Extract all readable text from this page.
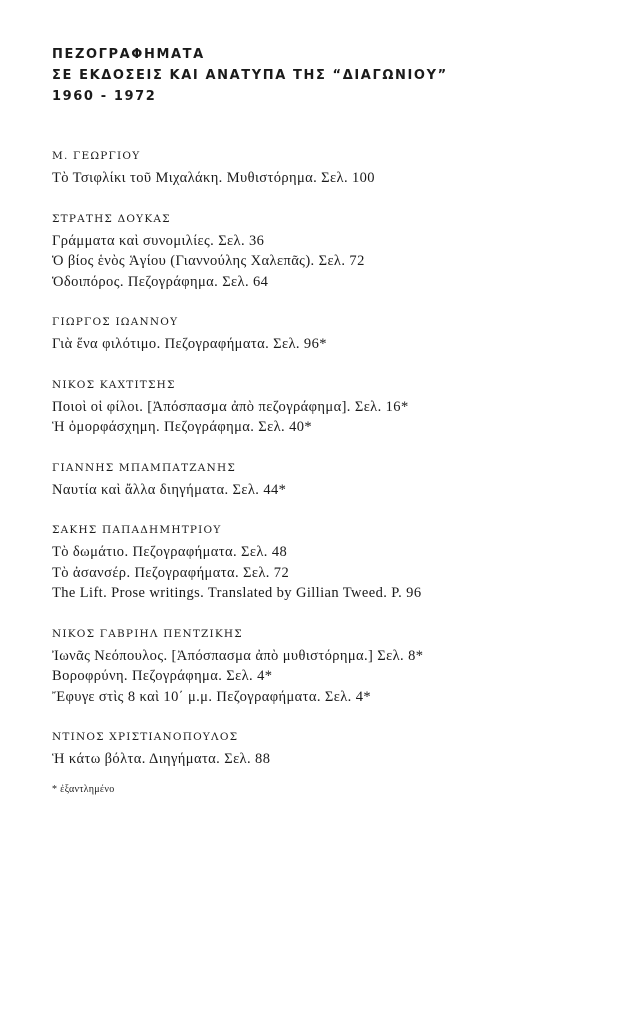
ΠΕΖΟΓΡΑΦΗΜΑΤΑ
ΣΕ ΕΚΔΟΣΕΙΣ ΚΑΙ ΑΝΑΤΥΠΑ ΤΗΣ “ΔΙΑΓΩΝΙΟΥ”
1960 - 1972
Μ. ΓΕΩΡΓΙΟΥ
Τὸ Τσιφλίκι τοῦ Μιχαλάκη. Μυθιστόρημα. Σελ. 100
ΣΤΡΑΤΗΣ ΔΟΥΚΑΣ
Γράμματα καὶ συνομιλίες. Σελ. 36
Ὁ βίος ἑνὸς Ἁγίου (Γιαννούλης Χαλεπᾶς). Σελ. 72
Ὁδοιπόρος. Πεζογράφημα. Σελ. 64
ΓΙΩΡΓΟΣ ΙΩΑΝΝΟΥ
Γιὰ ἕνα φιλότιμο. Πεζογραφήματα. Σελ. 96*
ΝΙΚΟΣ ΚΑΧΤΙΤΣΗΣ
Ποιοὶ οἱ φίλοι. [Ἀπόσπασμα ἀπὸ πεζογράφημα]. Σελ. 16*
Ἡ ὁμορφάσχημη. Πεζογράφημα. Σελ. 40*
ΓΙΑΝΝΗΣ ΜΠΑΜΠΑΤΖΑΝΗΣ
Ναυτία καὶ ἄλλα διηγήματα. Σελ. 44*
ΣΑΚΗΣ ΠΑΠΑΔΗΜΗΤΡΙΟΥ
Τὸ δωμάτιο. Πεζογραφήματα. Σελ. 48
Τὸ ἀσανσέρ. Πεζογραφήματα. Σελ. 72
The Lift. Prose writings. Translated by Gillian Tweed. P. 96
ΝΙΚΟΣ ΓΑΒΡΙΗΛ ΠΕΝΤΖΙΚΗΣ
Ἰωνᾶς Νεόπουλος. [Ἀπόσπασμα ἀπὸ μυθιστόρημα.] Σελ. 8*
Βοροφρύνη. Πεζογράφημα. Σελ. 4*
Ἔφυγε στὶς 8 καὶ 10΄ μ.μ. Πεζογραφήματα. Σελ. 4*
ΝΤΙΝΟΣ ΧΡΙΣΤΙΑΝΟΠΟΥΛΟΣ
Ἡ κάτω βόλτα. Διηγήματα. Σελ. 88
* ἐξαντλημένο
